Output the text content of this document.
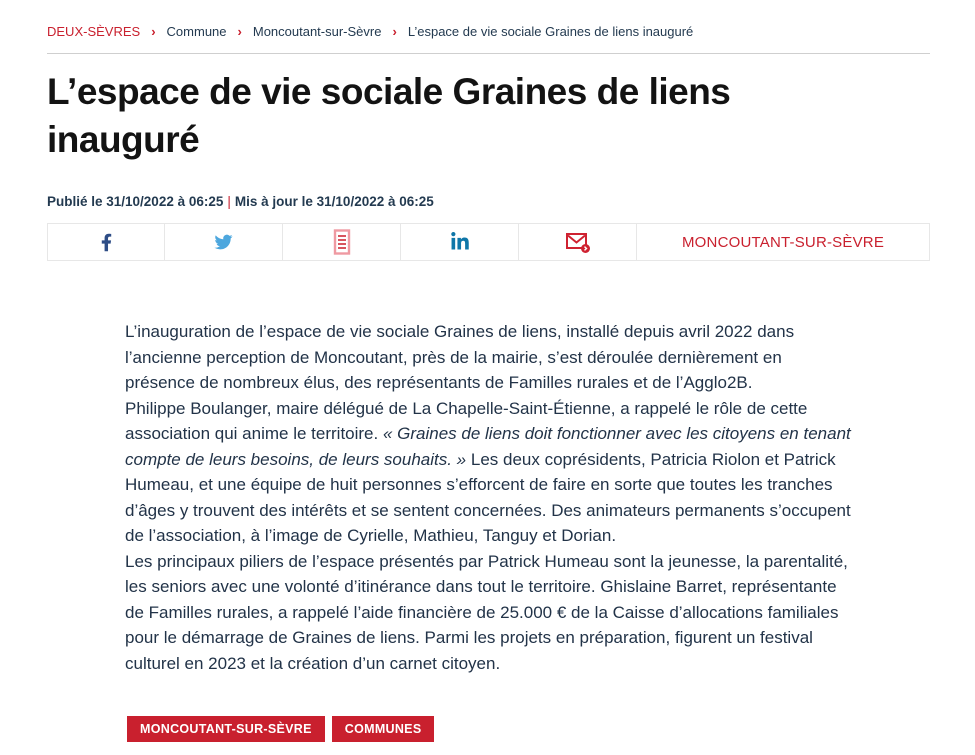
DEUX-SÈVRES › Commune › Moncoutant-sur-Sèvre › L’espace de vie sociale Graines de liens inauguré
L’espace de vie sociale Graines de liens inauguré
Publié le 31/10/2022 à 06:25 | Mis à jour le 31/10/2022 à 06:25
MONCOUTANT-SUR-SÈVRE

L’inauguration de l’espace de vie sociale Graines de liens, installé depuis avril 2022 dans l’ancienne perception de Moncoutant, près de la mairie, s’est déroulée dernièrement en présence de nombreux élus, des représentants de Familles rurales et de l’Agglo2B.

Philippe Boulanger, maire délégué de La Chapelle-Saint-Étienne, a rappelé le rôle de cette association qui anime le territoire. « Graines de liens doit fonctionner avec les citoyens en tenant compte de leurs besoins, de leurs souhaits. » Les deux coprésidents, Patricia Riolon et Patrick Humeau, et une équipe de huit personnes s’efforcent de faire en sorte que toutes les tranches d’âges y trouvent des intérêts et se sentent concernées. Des animateurs permanents s’occupent de l’association, à l’image de Cyrielle, Mathieu, Tanguy et Dorian.

Les principaux piliers de l’espace présentés par Patrick Humeau sont la jeunesse, la parentalité, les seniors avec une volonté d’itinérance dans tout le territoire. Ghislaine Barret, représentante de Familles rurales, a rappelé l’aide financière de 25.000 € de la Caisse d’allocations familiales pour le démarrage de Graines de liens. Parmi les projets en préparation, figurent un festival culturel en 2023 et la création d’un carnet citoyen.

MONCOUTANT-SUR-SÈVRE	COMMUNES
